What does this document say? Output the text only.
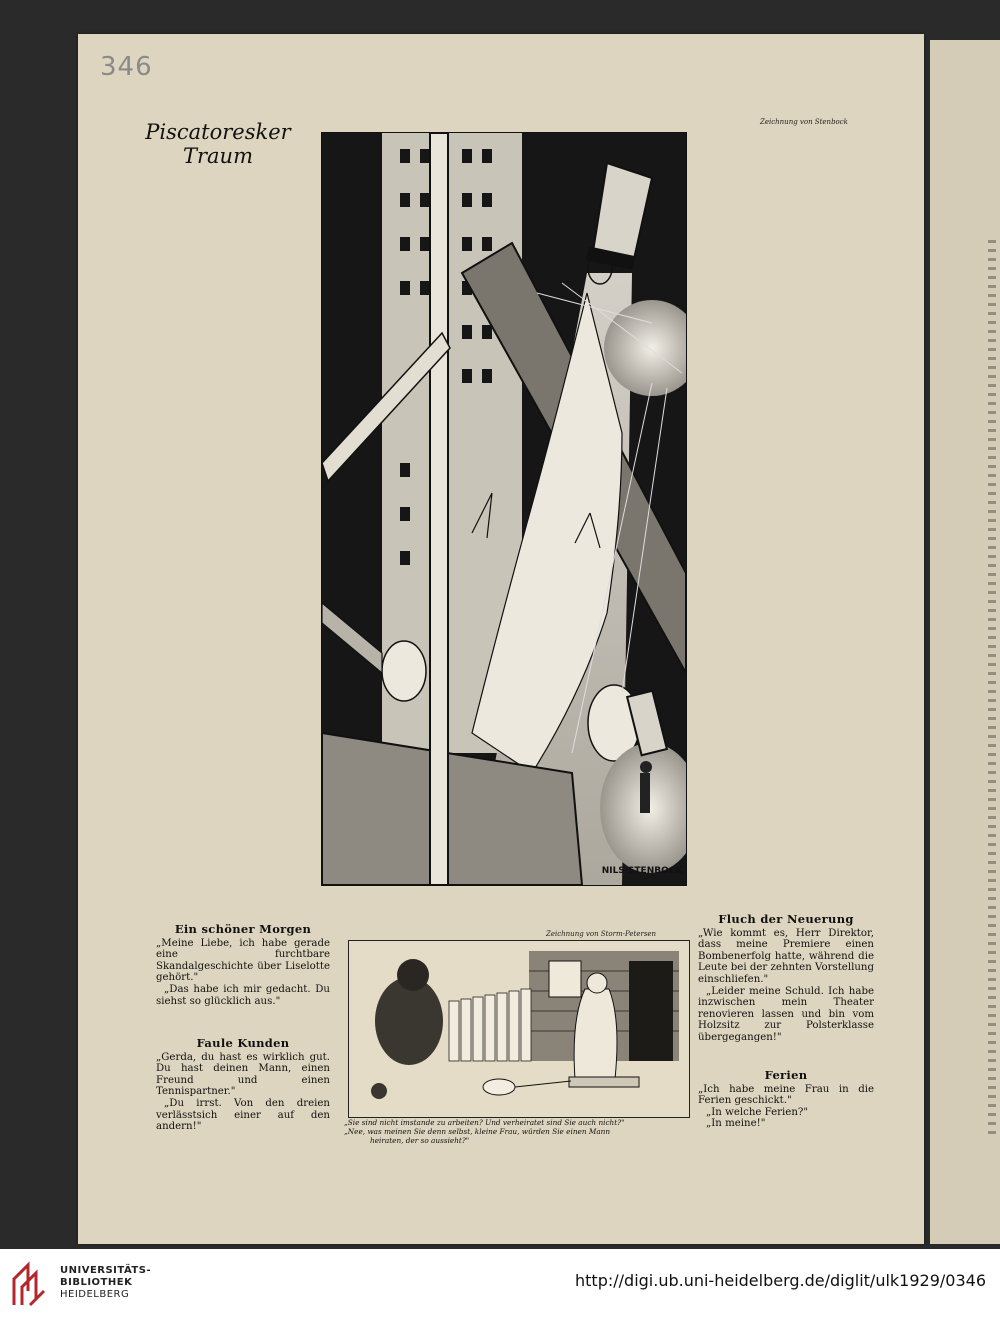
346
Piscatoresker
Traum
Zeichnung von Stenbock
NILS STENBOCK
Ein schöner Morgen

„Meine Liebe, ich habe gerade eine furchtbare Skandalgeschichte über Liselotte gehört."

„Das habe ich mir gedacht. Du siehst so glücklich aus."

Faule Kunden

„Gerda, du hast es wirklich gut. Du hast deinen Mann, einen Freund und einen Tennispartner."

„Du irrst. Von den dreien verlässtsich einer auf den andern!"

Zeichnung von Storm-Petersen

„Sie sind nicht imstande zu arbeiten? Und verheiratet sind Sie auch nicht?"

„Nee, was meinen Sie denn selbst, kleine Frau, würden Sie einen Mann

heiraten, der so aussieht?"

Fluch der Neuerung

„Wie kommt es, Herr Direktor, dass meine Premiere einen Bombenerfolg hatte, während die Leute bei der zehnten Vorstellung einschliefen."

„Leider meine Schuld. Ich habe inzwischen mein Theater renovieren lassen und bin vom Holzsitz zur Polsterklasse übergegangen!"

Ferien

„Ich habe meine Frau in die Ferien geschickt."

„In welche Ferien?"

„In meine!"

UNIVERSITÄTS-
BIBLIOTHEK
HEIDELBERG
http://digi.ub.uni-heidelberg.de/diglit/ulk1929/0346
